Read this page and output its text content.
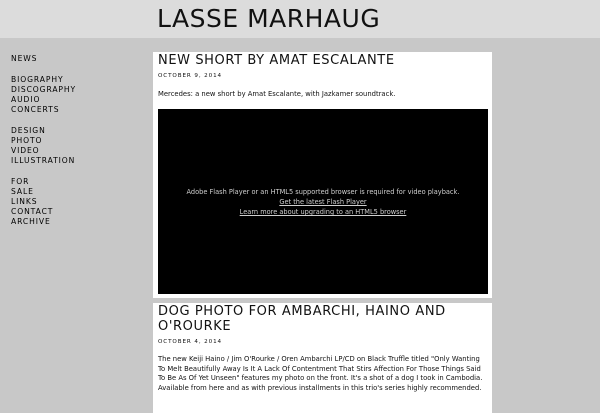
LASSE MARHAUG
NEWS
BIOGRAPHY
DISCOGRAPHY
AUDIO
CONCERTS
DESIGN
PHOTO
VIDEO
ILLUSTRATION
FOR
SALE
LINKS
CONTACT
ARCHIVE
NEW SHORT BY AMAT ESCALANTE
OCTOBER 9, 2014
Mercedes: a new short by Amat Escalante, with Jazkamer soundtrack.
Adobe Flash Player or an HTML5 supported browser is required for video playback.
Get the latest Flash Player
Learn more about upgrading to an HTML5 browser
DOG PHOTO FOR AMBARCHI, HAINO AND O'ROURKE
OCTOBER 4, 2014
The new Keiji Haino / Jim O'Rourke / Oren Ambarchi LP/CD on Black Truffle titled "Only Wanting To Melt Beautifully Away Is It A Lack Of Contentment That Stirs Affection For Those Things Said To Be As Of Yet Unseen" features my photo on the front. It's a shot of a dog I took in Cambodia. Available from here and as with previous installments in this trio's series highly recommended.
